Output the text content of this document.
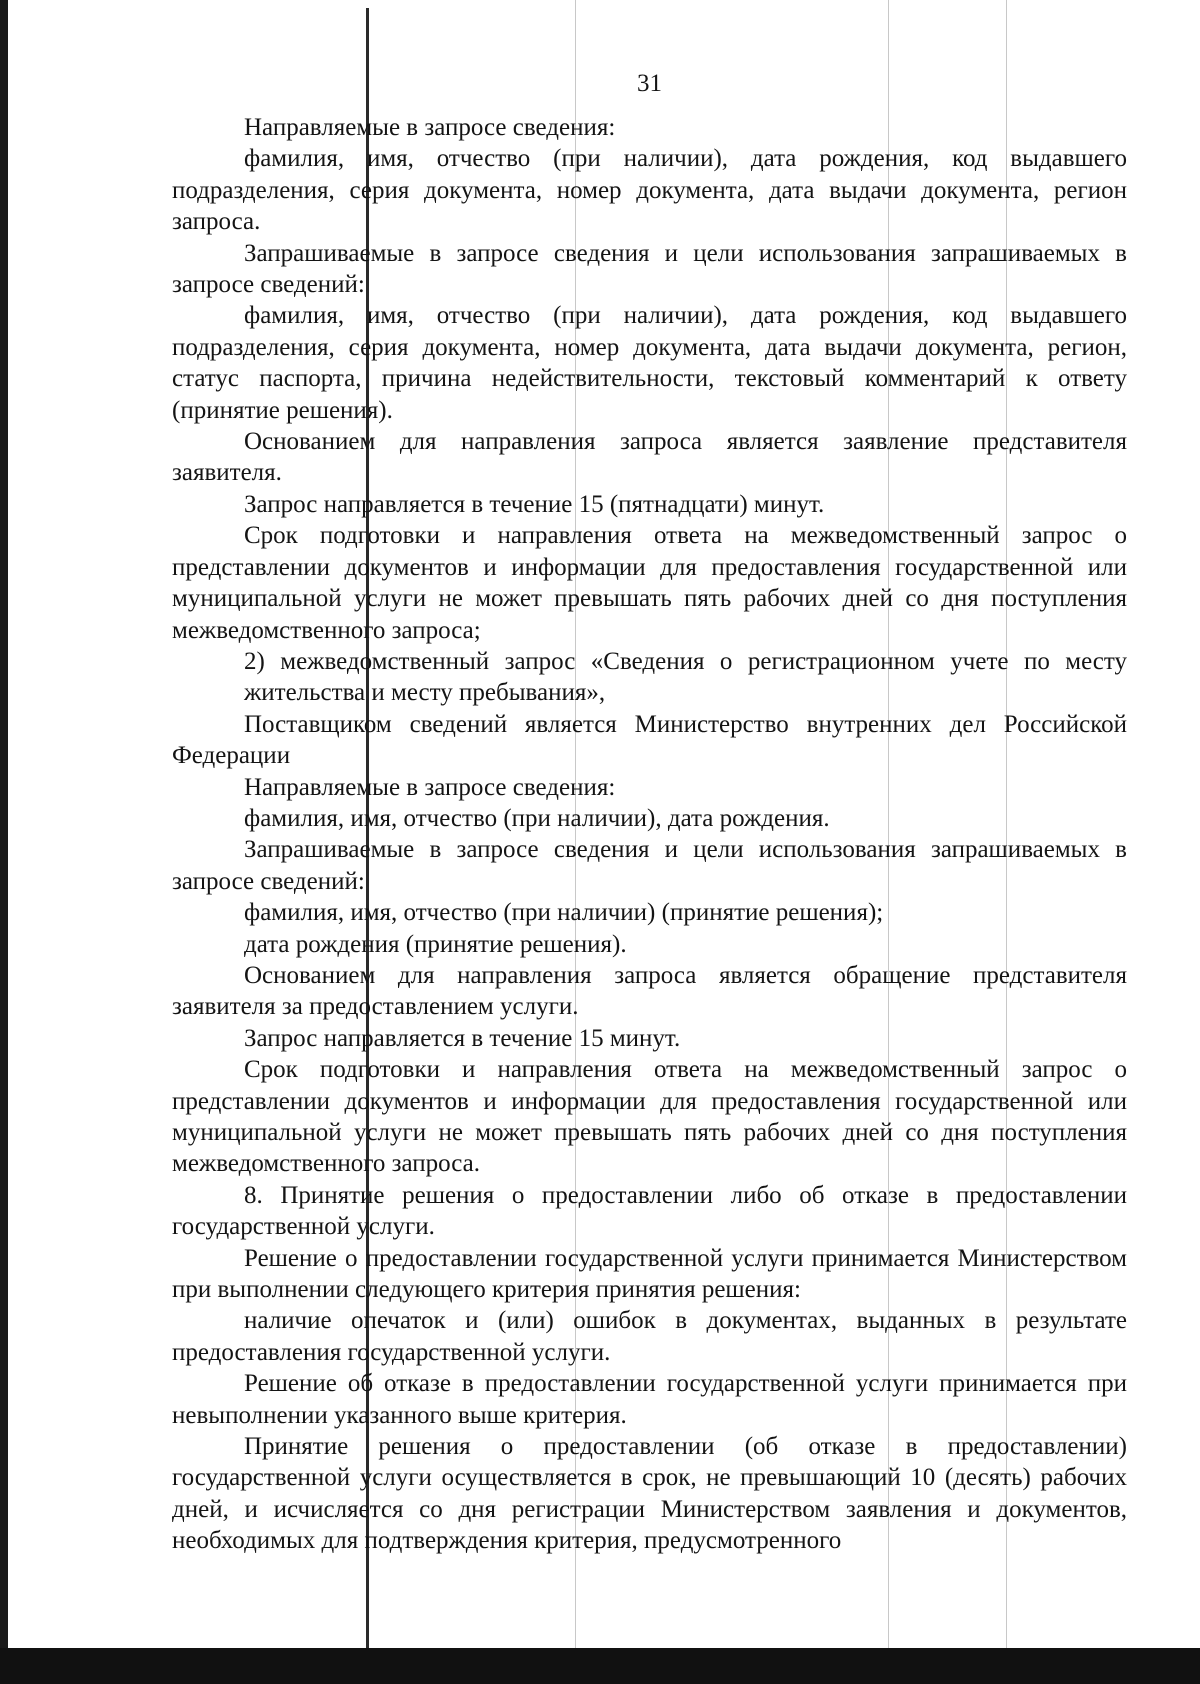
31

Направляемые в запросе сведения:

фамилия, имя, отчество (при наличии), дата рождения, код выдавшего подразделения, серия документа, номер документа, дата выдачи документа, регион запроса.

Запрашиваемые в запросе сведения и цели использования запрашиваемых в запросе сведений:

фамилия, имя, отчество (при наличии), дата рождения, код выдавшего подразделения, серия документа, номер документа, дата выдачи документа, регион, статус паспорта, причина недействительности, текстовый комментарий к ответу (принятие решения).

Основанием для направления запроса является заявление представителя заявителя.

Запрос направляется в течение 15 (пятнадцати) минут.

Срок подготовки и направления ответа на межведомственный запрос о представлении документов и информации для предоставления государственной или муниципальной услуги не может превышать пять рабочих дней со дня поступления межведомственного запроса;

2) межведомственный запрос «Сведения о регистрационном учете по месту жительства и месту пребывания»,

Поставщиком сведений является Министерство внутренних дел Российской Федерации

Направляемые в запросе сведения:

фамилия, имя, отчество (при наличии), дата рождения.

Запрашиваемые в запросе сведения и цели использования запрашиваемых в запросе сведений:

фамилия, имя, отчество (при наличии) (принятие решения);

дата рождения (принятие решения).

Основанием для направления запроса является обращение представителя заявителя за предоставлением услуги.

Запрос направляется в течение 15 минут.

Срок подготовки и направления ответа на межведомственный запрос о представлении документов и информации для предоставления государственной или муниципальной услуги не может превышать пять рабочих дней со дня поступления межведомственного запроса.

8. Принятие решения о предоставлении либо об отказе в предоставлении государственной услуги.

Решение о предоставлении государственной услуги принимается Министерством при выполнении следующего критерия принятия решения:

наличие опечаток и (или) ошибок в документах, выданных в результате предоставления государственной услуги.

Решение об отказе в предоставлении государственной услуги принимается при невыполнении указанного выше критерия.

Принятие решения о предоставлении (об отказе в предоставлении) государственной услуги осуществляется в срок, не превышающий 10 (десять) рабочих дней, и исчисляется со дня регистрации Министерством заявления и документов, необходимых для подтверждения критерия, предусмотренного
